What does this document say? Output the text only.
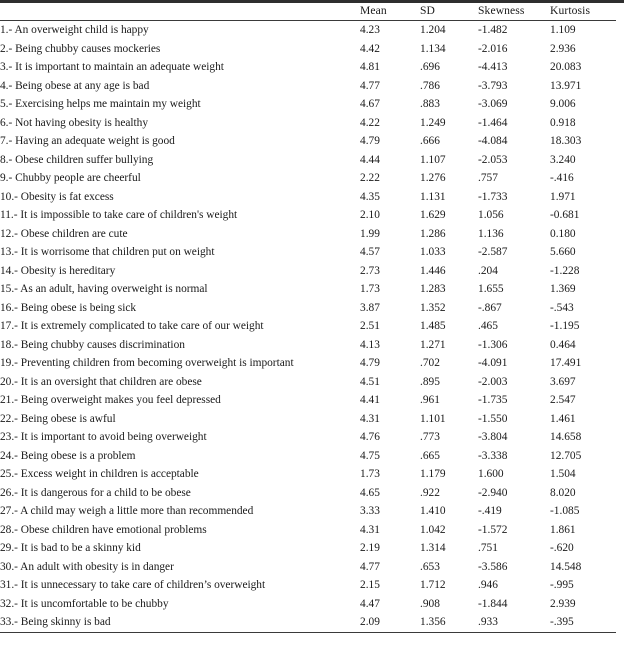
	Mean	SD	Skewness	Kurtosis
1.- An overweight child is happy	4.23	1.204	-1.482	1.109
2.- Being chubby causes mockeries	4.42	1.134	-2.016	2.936
3.- It is important to maintain an adequate weight	4.81	.696	-4.413	20.083
4.- Being obese at any age is bad	4.77	.786	-3.793	13.971
5.- Exercising helps me maintain my weight	4.67	.883	-3.069	9.006
6.- Not having obesity is healthy	4.22	1.249	-1.464	0.918
7.- Having an adequate weight is good	4.79	.666	-4.084	18.303
8.- Obese children suffer bullying	4.44	1.107	-2.053	3.240
9.- Chubby people are cheerful	2.22	1.276	.757	-.416
10.- Obesity is fat excess	4.35	1.131	-1.733	1.971
11.- It is impossible to take care of children's weight	2.10	1.629	1.056	-0.681
12.- Obese children are cute	1.99	1.286	1.136	0.180
13.- It is worrisome that children put on weight	4.57	1.033	-2.587	5.660
14.- Obesity is hereditary	2.73	1.446	.204	-1.228
15.- As an adult, having overweight is normal	1.73	1.283	1.655	1.369
16.- Being obese is being sick	3.87	1.352	-.867	-.543
17.- It is extremely complicated to take care of our weight	2.51	1.485	.465	-1.195
18.- Being chubby causes discrimination	4.13	1.271	-1.306	0.464
19.- Preventing children from becoming overweight is important	4.79	.702	-4.091	17.491
20.- It is an oversight that children are obese	4.51	.895	-2.003	3.697
21.- Being overweight makes you feel depressed	4.41	.961	-1.735	2.547
22.- Being obese is awful	4.31	1.101	-1.550	1.461
23.- It is important to avoid being overweight	4.76	.773	-3.804	14.658
24.- Being obese is a problem	4.75	.665	-3.338	12.705
25.- Excess weight in children is acceptable	1.73	1.179	1.600	1.504
26.- It is dangerous for a child to be obese	4.65	.922	-2.940	8.020
27.- A child may weigh a little more than recommended	3.33	1.410	-.419	-1.085
28.- Obese children have emotional problems	4.31	1.042	-1.572	1.861
29.- It is bad to be a skinny kid	2.19	1.314	.751	-.620
30.- An adult with obesity is in danger	4.77	.653	-3.586	14.548
31.- It is unnecessary to take care of children’s overweight	2.15	1.712	.946	-.995
32.- It is uncomfortable to be chubby	4.47	.908	-1.844	2.939
33.- Being skinny is bad	2.09	1.356	.933	-.395
